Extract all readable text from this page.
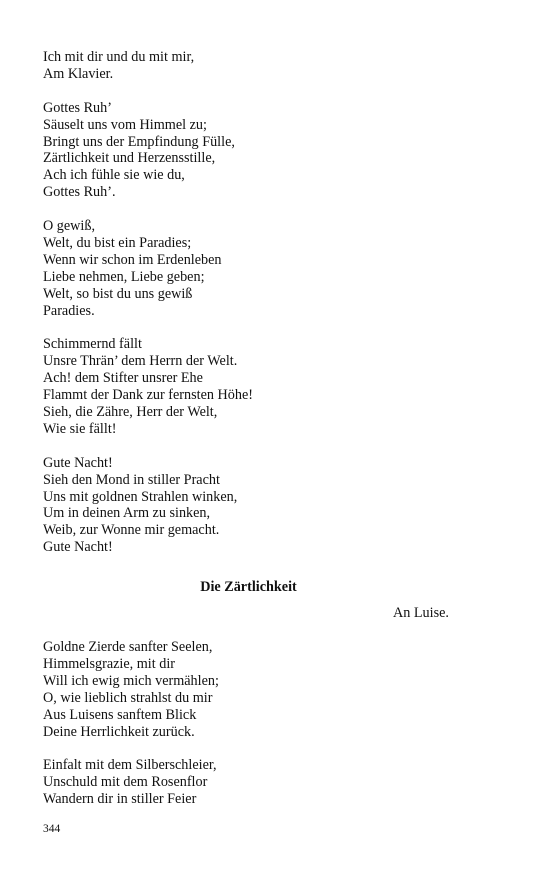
Ich mit dir und du mit mir,
Am Klavier.
Gottes Ruh’
Säuselt uns vom Himmel zu;
Bringt uns der Empfindung Fülle,
Zärtlichkeit und Herzensstille,
Ach ich fühle sie wie du,
Gottes Ruh’.
O gewiß,
Welt, du bist ein Paradies;
Wenn wir schon im Erdenleben
Liebe nehmen, Liebe geben;
Welt, so bist du uns gewiß
Paradies.
Schimmernd fällt
Unsre Thrän’ dem Herrn der Welt.
Ach! dem Stifter unsrer Ehe
Flammt der Dank zur fernsten Höhe!
Sieh, die Zähre, Herr der Welt,
Wie sie fällt!
Gute Nacht!
Sieh den Mond in stiller Pracht
Uns mit goldnen Strahlen winken,
Um in deinen Arm zu sinken,
Weib, zur Wonne mir gemacht.
Gute Nacht!
Die Zärtlichkeit
An Luise.
Goldne Zierde sanfter Seelen,
Himmelsgrazie, mit dir
Will ich ewig mich vermählen;
O, wie lieblich strahlst du mir
Aus Luisens sanftem Blick
Deine Herrlichkeit zurück.
Einfalt mit dem Silberschleier,
Unschuld mit dem Rosenflor
Wandern dir in stiller Feier
344
